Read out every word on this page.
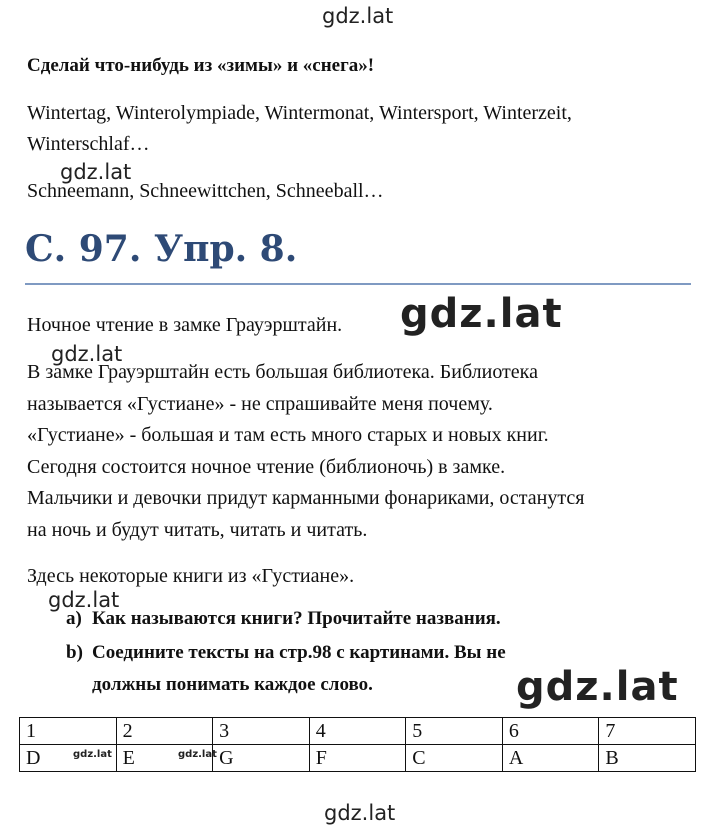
gdz.lat
gdz.lat
gdz.lat
gdz.lat
gdz.lat
gdz.lat
gdz.lat	gdz.lat
gdz.lat
Сделай что-нибудь из «зимы» и «снега»!
Wintertag, Winterolympiade, Wintermonat, Wintersport, Winterzeit,
Winterschlaf…
Schneemann, Schneewittchen, Schneeball…
С. 97. Упр. 8.
Ночное чтение в замке Грауэрштайн.
В замке Грауэрштайн есть большая библиотека. Библиотека
называется «Густиане» - не спрашивайте меня почему.
«Густиане» - большая и там есть много старых и новых книг.
Сегодня состоится ночное чтение (библионочь) в замке.
Мальчики и девочки придут карманными фонариками, останутся
на ночь и будут читать, читать и читать.
Здесь некоторые книги из «Густиане».
a) Как называются книги? Прочитайте названия.
b) Соедините тексты на стр.98 с картинами. Вы не
должны понимать каждое слово.
1	2	3	4	5	6	7
D	E	G	F	C	A	B
